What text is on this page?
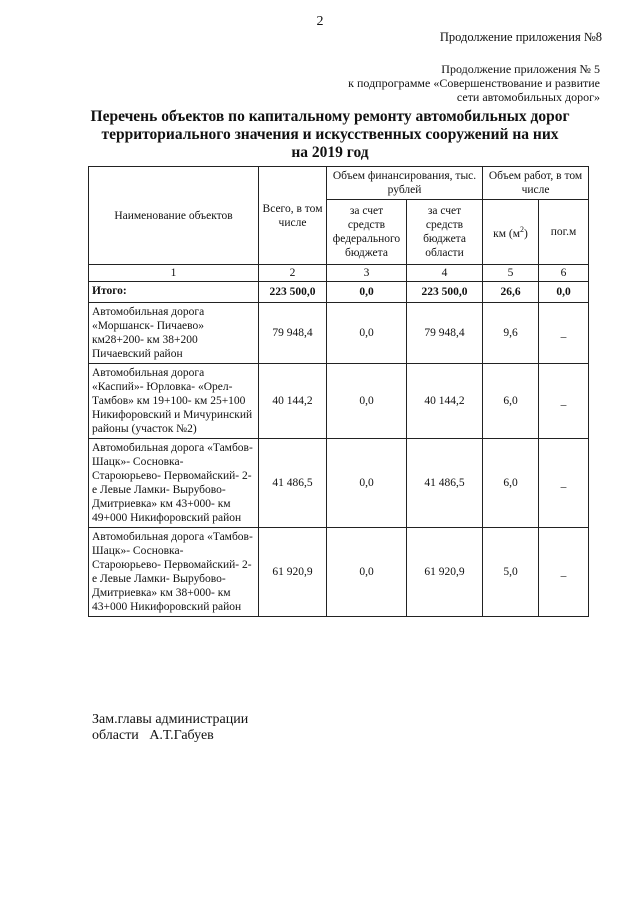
2
Продолжение приложения №8
Продолжение приложения № 5
к подпрограмме «Совершенствование и развитие
сети автомобильных дорог»
Перечень объектов по капитальному ремонту автомобильных дорог
территориального значения и искусственных сооружений на них
на 2019 год
Наименование объектов	Всего, в том числе	Объем финансирования, тыс. рублей		Объем работ, в том числе	
		за счет средств федерального бюджета	за счет средств бюджета области	км $(м^2)$	пог.м
1	2	3	4	5	6
Итого:	223 500,0	0,0	223 500,0	26,6	0,0
Автомобильная дорога «Моршанск- Пичаево» км28+200- км 38+200 Пичаевский район	79 948,4	0,0	79 948,4	9,6	_
Автомобильная дорога «Каспий»- Юрловка- «Орел- Тамбов» км 19+100- км 25+100 Никифоровский и Мичуринский районы (участок №2)	40 144,2	0,0	40 144,2	6,0	_
Автомобильная дорога «Тамбов- Шацк»- Сосновка- Староюрьево- Первомайский- 2-е Левые Ламки- Вырубово- Дмитриевка» км 43+000- км 49+000 Никифоровский район	41 486,5	0,0	41 486,5	6,0	_
Автомобильная дорога «Тамбов- Шацк»- Сосновка- Староюрьево- Первомайский- 2-е Левые Ламки- Вырубово- Дмитриевка» км 38+000- км 43+000 Никифоровский район	61 920,9	0,0	61 920,9	5,0	_
Зам.главы администрации
области А.Т.Габуев
